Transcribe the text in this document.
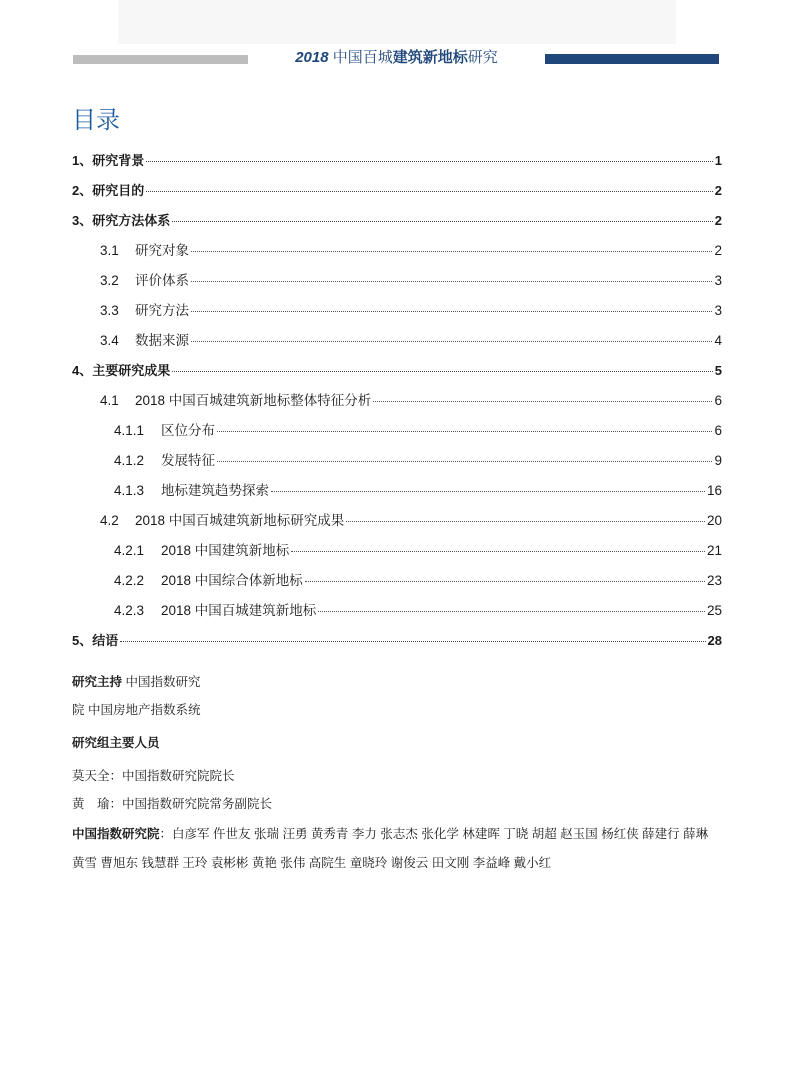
2018 中国百城建筑新地标研究
目录
1、 研究背景	1
2、 研究目的	2
3、 研究方法体系	2
3.1	研究对象	2
3.2	评价体系	3
3.3	研究方法	3
3.4	数据来源	4
4、 主要研究成果	5
4.1	2018 中国百城建筑新地标整体特征分析	6
4.1.1	区位分布	6
4.1.2	发展特征	9
4.1.3	地标建筑趋势探索	16
4.2	2018 中国百城建筑新地标研究成果	20
4.2.1	2018 中国建筑新地标	21
4.2.2	2018 中国综合体新地标	23
4.2.3	2018 中国百城建筑新地标	25
5、 结语	28
研究主持 中国指数研究
院 中国房地产指数系统
研究组主要人员
莫天全：中国指数研究院院长
黄　瑜：中国指数研究院常务副院长
中国指数研究院：白彦军 仵世友 张瑞 汪勇 黄秀青 李力 张志杰 张化学 林建晖 丁晓 胡超 赵玉国 杨红侠 薛建行 薛琳 黄雪 曹旭东 钱慧群 王玲 袁彬彬 黄艳 张伟 高院生 童晓玲 谢俊云 田文刚 李益峰 戴小红
